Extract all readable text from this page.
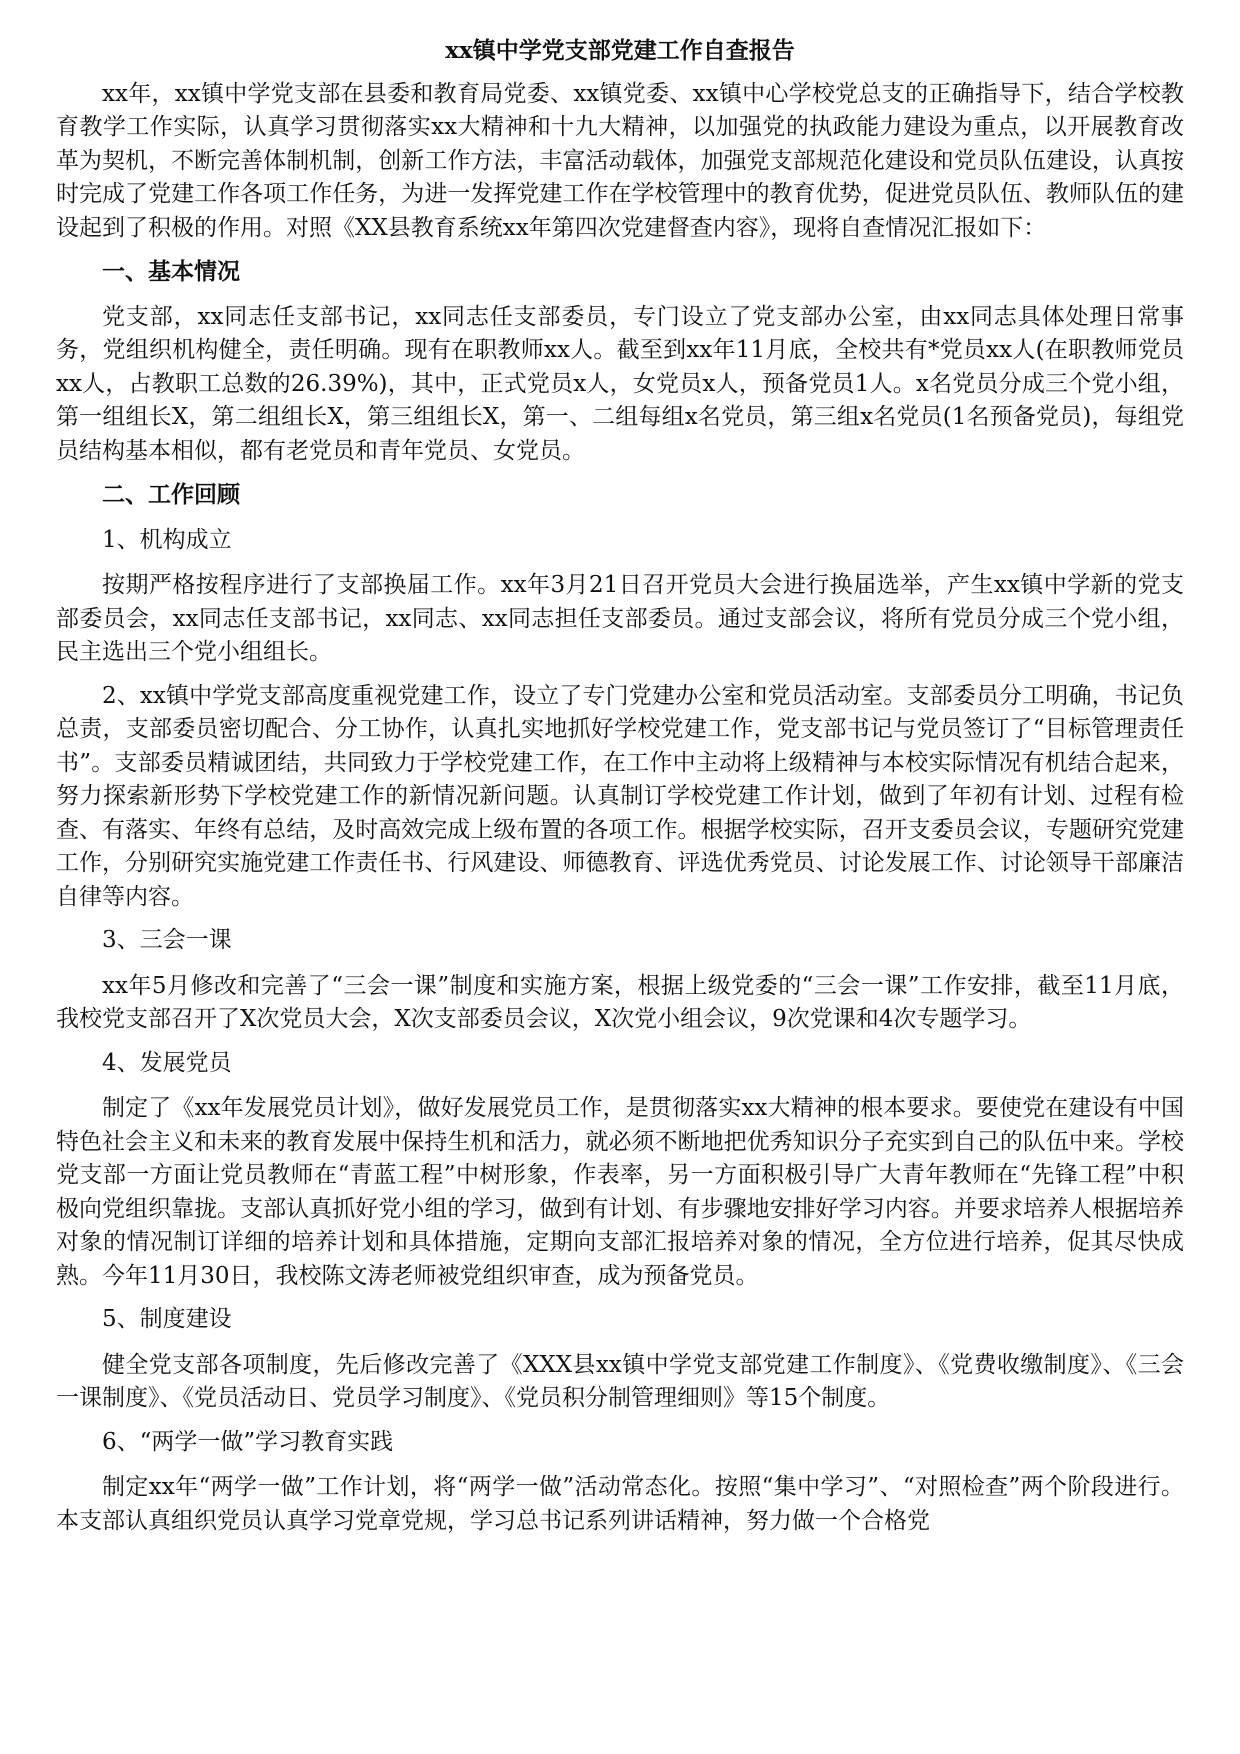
xx镇中学党支部党建工作自查报告

xx年，xx镇中学党支部在县委和教育局党委、xx镇党委、xx镇中心学校党总支的正确指导下，结合学校教育教学工作实际，认真学习贯彻落实xx大精神和十九大精神，以加强党的执政能力建设为重点，以开展教育改革为契机，不断完善体制机制，创新工作方法，丰富活动载体，加强党支部规范化建设和党员队伍建设，认真按时完成了党建工作各项工作任务，为进一发挥党建工作在学校管理中的教育优势，促进党员队伍、教师队伍的建设起到了积极的作用。对照《XX县教育系统xx年第四次党建督查内容》，现将自查情况汇报如下：

一、基本情况

党支部，xx同志任支部书记，xx同志任支部委员，专门设立了党支部办公室，由xx同志具体处理日常事务，党组织机构健全，责任明确。现有在职教师xx人。截至到xx年11月底，全校共有*党员xx人(在职教师党员xx人，占教职工总数的26.39%)，其中，正式党员x人，女党员x人，预备党员1人。x名党员分成三个党小组，第一组组长X，第二组组长X，第三组组长X，第一、二组每组x名党员，第三组x名党员(1名预备党员)，每组党员结构基本相似，都有老党员和青年党员、女党员。

二、工作回顾

1、机构成立

按期严格按程序进行了支部换届工作。xx年3月21日召开党员大会进行换届选举，产生xx镇中学新的党支部委员会，xx同志任支部书记，xx同志、xx同志担任支部委员。通过支部会议，将所有党员分成三个党小组，民主选出三个党小组组长。

2、xx镇中学党支部高度重视党建工作，设立了专门党建办公室和党员活动室。支部委员分工明确，书记负总责，支部委员密切配合、分工协作，认真扎实地抓好学校党建工作，党支部书记与党员签订了“目标管理责任书”。支部委员精诚团结，共同致力于学校党建工作，在工作中主动将上级精神与本校实际情况有机结合起来，努力探索新形势下学校党建工作的新情况新问题。认真制订学校党建工作计划，做到了年初有计划、过程有检查、有落实、年终有总结，及时高效完成上级布置的各项工作。根据学校实际，召开支委员会议，专题研究党建工作，分别研究实施党建工作责任书、行风建设、师德教育、评选优秀党员、讨论发展工作、讨论领导干部廉洁自律等内容。

3、三会一课

xx年5月修改和完善了“三会一课”制度和实施方案，根据上级党委的“三会一课”工作安排，截至11月底，我校党支部召开了X次党员大会，X次支部委员会议，X次党小组会议，9次党课和4次专题学习。

4、发展党员

制定了《xx年发展党员计划》，做好发展党员工作，是贯彻落实xx大精神的根本要求。要使党在建设有中国特色社会主义和未来的教育发展中保持生机和活力，就必须不断地把优秀知识分子充实到自己的队伍中来。学校党支部一方面让党员教师在“青蓝工程”中树形象，作表率，另一方面积极引导广大青年教师在“先锋工程”中积极向党组织靠拢。支部认真抓好党小组的学习，做到有计划、有步骤地安排好学习内容。并要求培养人根据培养对象的情况制订详细的培养计划和具体措施，定期向支部汇报培养对象的情况，全方位进行培养，促其尽快成熟。今年11月30日，我校陈文涛老师被党组织审查，成为预备党员。

5、制度建设

健全党支部各项制度，先后修改完善了《XXX县xx镇中学党支部党建工作制度》、《党费收缴制度》、《三会一课制度》、《党员活动日、党员学习制度》、《党员积分制管理细则》等15个制度。

6、“两学一做”学习教育实践

制定xx年“两学一做”工作计划，将“两学一做”活动常态化。按照“集中学习”、“对照检查”两个阶段进行。本支部认真组织党员认真学习党章党规，学习总书记系列讲话精神，努力做一个合格党
